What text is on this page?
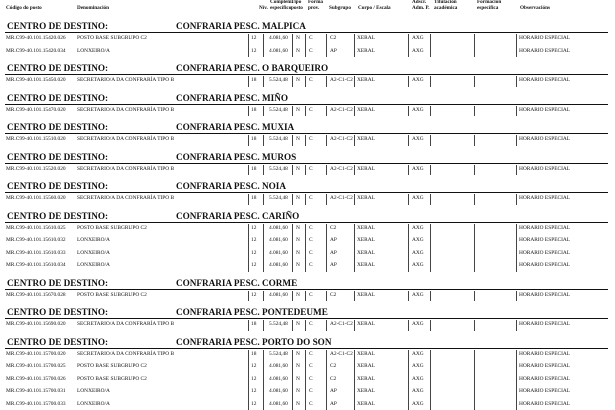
Código do posto	Denominación	Nív.
Complem.
específico
Tipo
posto
Forma
prov. Subgrupo Corpo / Escala
Adscr.
Adm. P.
Titulación
académica
Formación
específica	Observacións
CENTRO DE DESTINO:	CONFRARIA PESC. MALPICA
MR.C99-40.101.15420.026 POSTO BASE SUBGRUPO C2	12 4.081,60 N C	C2	XERAL	AXG	HORARIO ESPECIAL
MR.C99-40.101.15420.034 LONXEIRO/A	12 4.081,60 N C	AP	XERAL	AXG	HORARIO ESPECIAL
CENTRO DE DESTINO:	CONFRARIA PESC. O BARQUEIRO
MR.C99-40.101.15450.020 SECRETARIO/A DA CONFRARÍA TIPO B	18 5.524,48 N C	A2-C1-C2 XERAL	AXG	HORARIO ESPECIAL
CENTRO DE DESTINO:	CONFRARIA PESC. MIÑO
MR.C99-40.101.15470.020 SECRETARIO/A DA CONFRARÍA TIPO B	18 5.524,48 N C	A2-C1-C2 XERAL	AXG	HORARIO ESPECIAL
CENTRO DE DESTINO:	CONFRARIA PESC. MUXIA
MR.C99-40.101.15510.020 SECRETARIO/A DA CONFRARÍA TIPO B	18 5.524,48 N C	A2-C1-C2 XERAL	AXG	HORARIO ESPECIAL
CENTRO DE DESTINO:	CONFRARIA PESC. MUROS
MR.C99-40.101.15520.020 SECRETARIO/A DA CONFRARÍA TIPO B	18 5.524,48 N C	A2-C1-C2 XERAL	AXG	HORARIO ESPECIAL
CENTRO DE DESTINO:	CONFRARIA PESC. NOIA
MR.C99-40.101.15560.020 SECRETARIO/A DA CONFRARÍA TIPO B	18 5.524,48 N C	A2-C1-C2 XERAL	AXG	HORARIO ESPECIAL
CENTRO DE DESTINO:	CONFRARIA PESC. CARIÑO
MR.C99-40.101.15610.025 POSTO BASE SUBGRUPO C2	12 4.081,60 N C	C2	XERAL	AXG	HORARIO ESPECIAL
MR.C99-40.101.15610.032 LONXEIRO/A	12 4.081,60 N C	AP	XERAL	AXG	HORARIO ESPECIAL
MR.C99-40.101.15610.033 LONXEIRO/A	12 4.081,60 N C	AP	XERAL	AXG	HORARIO ESPECIAL
MR.C99-40.101.15610.034 LONXEIRO/A	12 4.081,60 N C	AP	XERAL	AXG	HORARIO ESPECIAL
CENTRO DE DESTINO:	CONFRARIA PESC. CORME
MR.C99-40.101.15670.028 POSTO BASE SUBGRUPO C2	12 4.081,60 N C	C2	XERAL	AXG	HORARIO ESPECIAL
CENTRO DE DESTINO:	CONFRARIA PESC. PONTEDEUME
MR.C99-40.101.15690.020 SECRETARIO/A DA CONFRARÍA TIPO B	18 5.524,48 N C	A2-C1-C2 XERAL	AXG	HORARIO ESPECIAL
CENTRO DE DESTINO:	CONFRARIA PESC. PORTO DO SON
MR.C99-40.101.15700.020 SECRETARIO/A DA CONFRARÍA TIPO B	18 5.524,48 N C	A2-C1-C2 XERAL	AXG	HORARIO ESPECIAL
MR.C99-40.101.15700.025 POSTO BASE SUBGRUPO C2	12 4.081,60 N C	C2	XERAL	AXG	HORARIO ESPECIAL
MR.C99-40.101.15700.026 POSTO BASE SUBGRUPO C2	12 4.081,60 N C	C2	XERAL	AXG	HORARIO ESPECIAL
MR.C99-40.101.15700.031 LONXEIRO/A	12 4.081,60 N C	AP	XERAL	AXG	HORARIO ESPECIAL
MR.C99-40.101.15700.033 LONXEIRO/A	12 4.081,60 N C	AP	XERAL	AXG	HORARIO ESPECIAL
